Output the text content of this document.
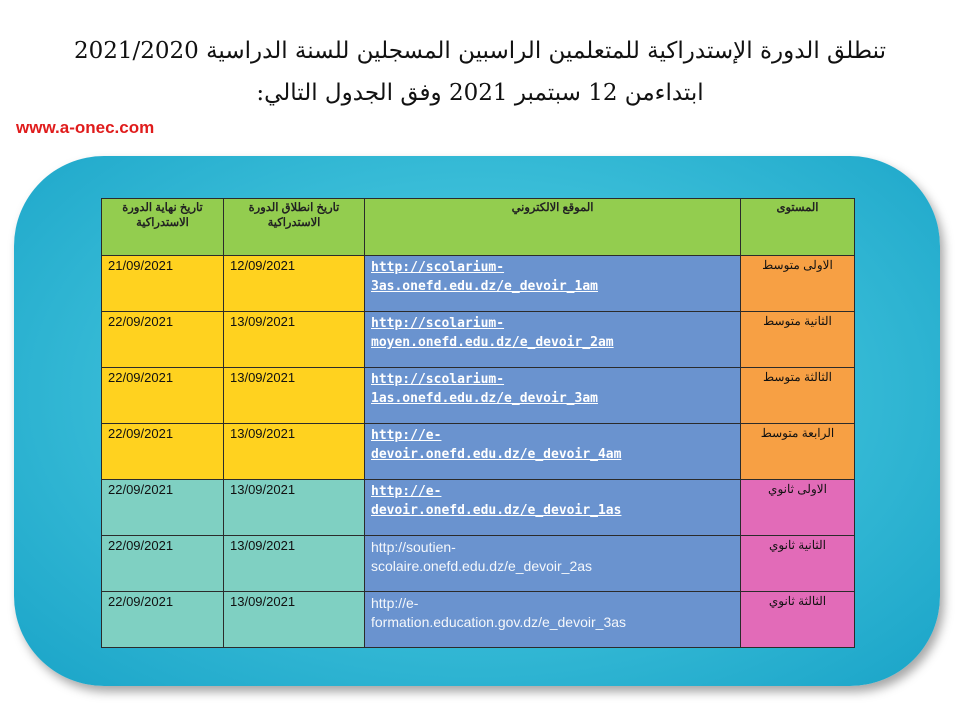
تنطلق الدورة الإستدراكية للمتعلمين الراسبين المسجلين للسنة الدراسية 2021/2020
ابتداءمن 12 سبتمبر 2021 وفق الجدول التالي:
www.a-onec.com
تاريخ نهاية الدورة الاستدراكية	تاريخ انطلاق الدورة الاستدراكية	الموقع الالكتروني	المستوى
21/09/2021	12/09/2021	http://scolarium-
3as.onefd.edu.dz/e_devoir_1am	الاولى متوسط
22/09/2021	13/09/2021	http://scolarium-
moyen.onefd.edu.dz/e_devoir_2am	الثانية متوسط
22/09/2021	13/09/2021	http://scolarium-
1as.onefd.edu.dz/e_devoir_3am	الثالثة متوسط
22/09/2021	13/09/2021	http://e-
devoir.onefd.edu.dz/e_devoir_4am	الرابعة متوسط
22/09/2021	13/09/2021	http://e-
devoir.onefd.edu.dz/e_devoir_1as	الاولى ثانوي
22/09/2021	13/09/2021	http://soutien-
scolaire.onefd.edu.dz/e_devoir_2as	الثانية ثانوي
22/09/2021	13/09/2021	http://e-
formation.education.gov.dz/e_devoir_3as	الثالثة ثانوي
